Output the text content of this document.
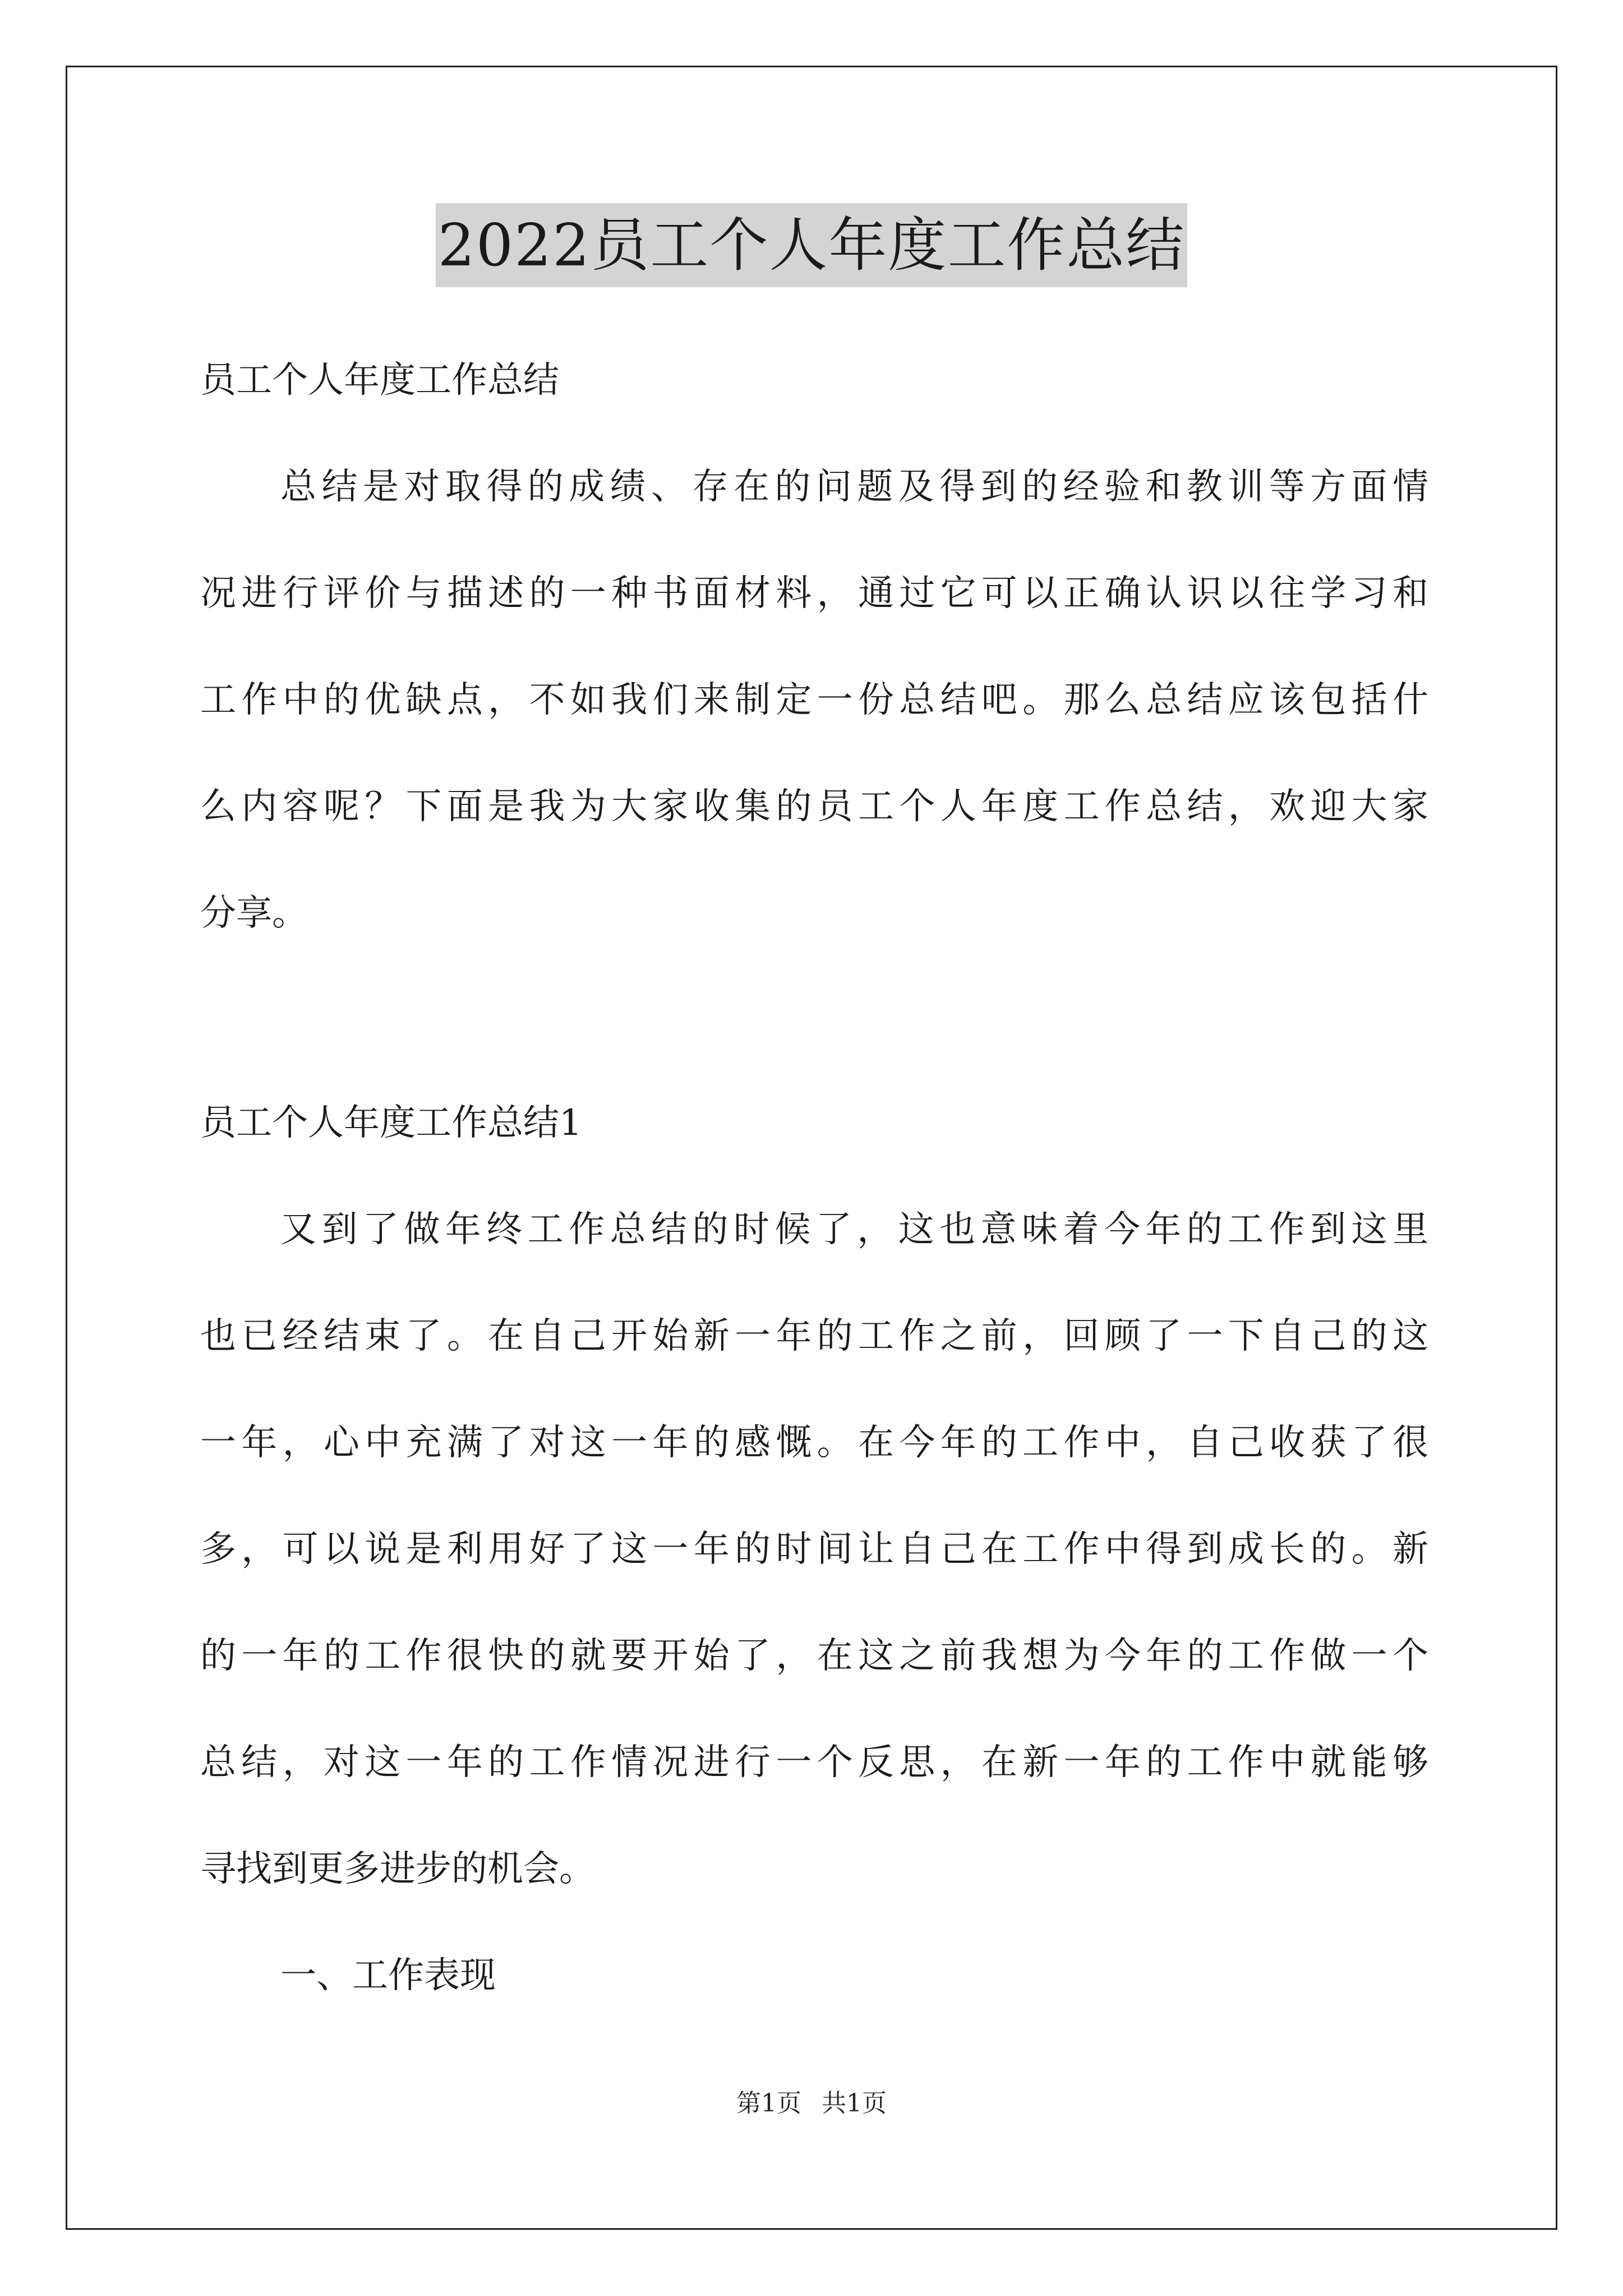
2022员工个人年度工作总结
员工个人年度工作总结
总结是对取得的成绩、存在的问题及得到的经验和教训等方面情
况进行评价与描述的一种书面材料，通过它可以正确认识以往学习和
工作中的优缺点，不如我们来制定一份总结吧。那么总结应该包括什
么内容呢？下面是我为大家收集的员工个人年度工作总结，欢迎大家
分享。
员工个人年度工作总结1
又到了做年终工作总结的时候了，这也意味着今年的工作到这里
也已经结束了。在自己开始新一年的工作之前，回顾了一下自己的这
一年，心中充满了对这一年的感慨。在今年的工作中，自己收获了很
多，可以说是利用好了这一年的时间让自己在工作中得到成长的。新
的一年的工作很快的就要开始了，在这之前我想为今年的工作做一个
总结，对这一年的工作情况进行一个反思，在新一年的工作中就能够
寻找到更多进步的机会。
一、工作表现
第1页 共1页
